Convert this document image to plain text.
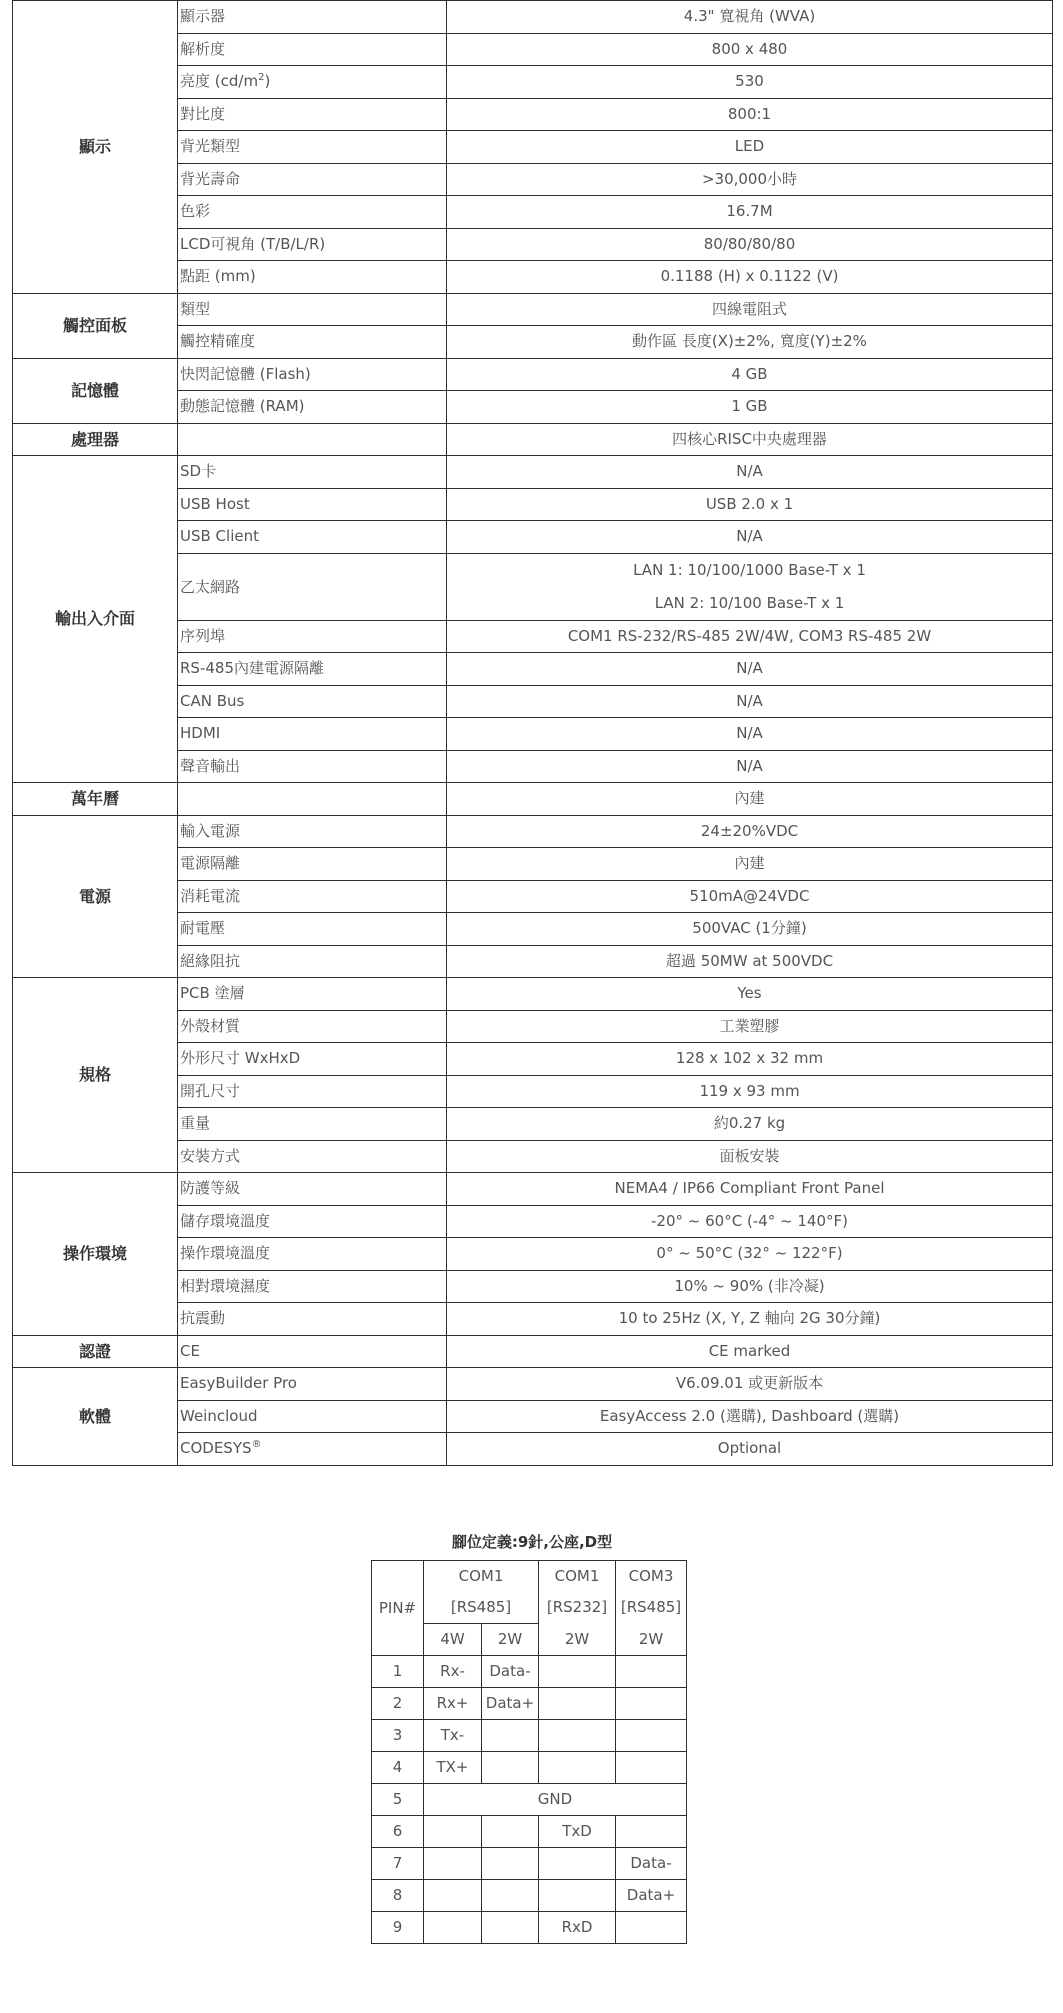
顯示	顯示器	4.3" 寬視角 (WVA)
	解析度	800 x 480
	亮度 $(cd/m^2)$	530
	對比度	800:1
	背光類型	LED
	背光壽命	>30,000小時
	色彩	16.7M
	LCD可視角 (T/B/L/R)	80/80/80/80
	點距 (mm)	0.1188 (H) x 0.1122 (V)
觸控面板	類型	四線電阻式
	觸控精確度	動作區 長度(X)±2%, 寬度(Y)±2%
記憶體	快閃記憶體 (Flash)	4 GB
	動態記憶體 (RAM)	1 GB
處理器		四核心RISC中央處理器
輸出入介面	SD卡	N/A
	USB Host	USB 2.0 x 1
	USB Client	N/A
	乙太網路	LAN 1: 10/100/1000 Base-T x 1
LAN 2: 10/100 Base-T x 1

	序列埠	COM1 RS-232/RS-485 2W/4W, COM3 RS-485 2W
	RS-485內建電源隔離	N/A
	CAN Bus	N/A
	HDMI	N/A
	聲音輸出	N/A
萬年曆		內建
電源	輸入電源	24±20%VDC
	電源隔離	內建
	消耗電流	510mA@24VDC
	耐電壓	500VAC (1分鐘)
	絕緣阻抗	超過 50MW at 500VDC
規格	PCB 塗層	Yes
	外殼材質	工業塑膠
	外形尺寸 WxHxD	128 x 102 x 32 mm
	開孔尺寸	119 x 93 mm
	重量	約0.27 kg
	安裝方式	面板安裝
操作環境	防護等級	NEMA4 / IP66 Compliant Front Panel
	儲存環境溫度	-20° ~ 60°C (-4° ~ 140°F)
	操作環境溫度	0° ~ 50°C (32° ~ 122°F)
	相對環境濕度	10% ~ 90% (非冷凝)
	抗震動	10 to 25Hz (X, Y, Z 軸向 2G 30分鐘)
認證	CE	CE marked
軟體	EasyBuilder Pro	V6.09.01 或更新版本
	Weincloud	EasyAccess 2.0 (選購), Dashboard (選購)
	CODESYS®	Optional
腳位定義:9針,公座,D型
PIN#	COM1		COM1	COM3
	[RS485]		[RS232]	[RS485]
	4W	2W	2W	2W
1	Rx-	Data-		
2	Rx+	Data+		
3	Tx-			
4	TX+			
5	GND			
6			TxD	
7				Data-
8				Data+
9			RxD	
